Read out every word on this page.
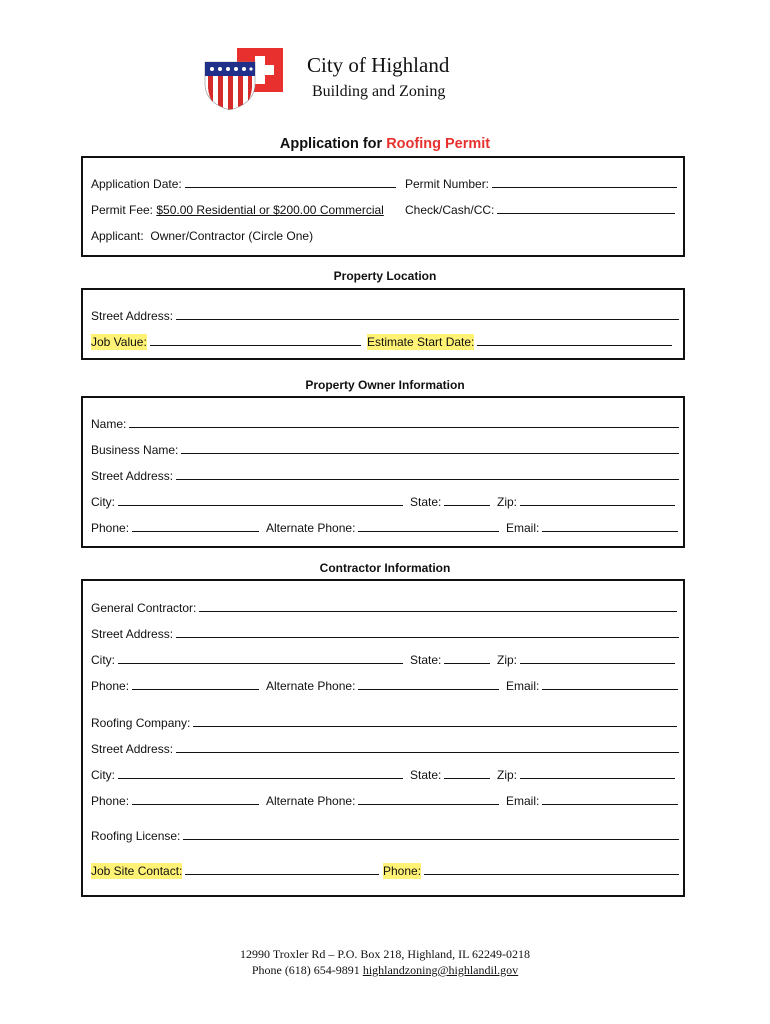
City of Highland
Building and Zoning
Application for Roofing Permit
Application Date:	Permit Number:
Permit Fee: $50.00 Residential or $200.00 Commercial Check/Cash/CC:
Applicant:  Owner/Contractor (Circle One)
Property Location
Street Address:
Job Value:	Estimate Start Date:
Property Owner Information
Name:
Business Name:
Street Address:
City:	State:	Zip:
Phone:	Alternate Phone:	Email:
Contractor Information
General Contractor:
Street Address:
City:	State:	Zip:
Phone:	Alternate Phone:	Email:
Roofing Company:
Street Address:
City:	State:	Zip:
Phone:	Alternate Phone:	Email:
Roofing License:
Job Site Contact:	Phone:
12990 Troxler Rd – P.O. Box 218, Highland, IL 62249-0218
Phone (618) 654-9891 highlandzoning@highlandil.gov
